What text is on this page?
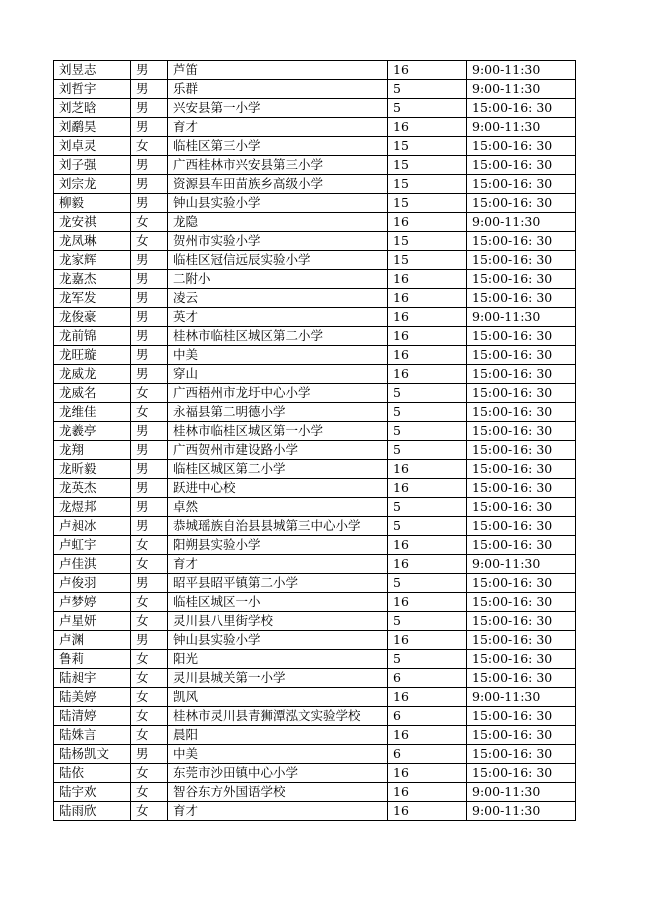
刘昱志	男	芦笛	16	9:00-11:30
刘哲宇	男	乐群	5	9:00-11:30
刘芝晗	男	兴安县第一小学	5	15:00-16: 30
刘鹬昊	男	育才	16	9:00-11:30
刘卓灵	女	临桂区第三小学	15	15:00-16: 30
刘子强	男	广西桂林市兴安县第三小学	15	15:00-16: 30
刘宗龙	男	资源县车田苗族乡高级小学	15	15:00-16: 30
柳毅	男	钟山县实验小学	15	15:00-16: 30
龙安祺	女	龙隐	16	9:00-11:30
龙凤琳	女	贺州市实验小学	15	15:00-16: 30
龙家辉	男	临桂区冠信远辰实验小学	15	15:00-16: 30
龙嘉杰	男	二附小	16	15:00-16: 30
龙军发	男	凌云	16	15:00-16: 30
龙俊豪	男	英才	16	9:00-11:30
龙前锦	男	桂林市临桂区城区第二小学	16	15:00-16: 30
龙旺璇	男	中美	16	15:00-16: 30
龙威龙	男	穿山	16	15:00-16: 30
龙威名	女	广西梧州市龙圩中心小学	5	15:00-16: 30
龙维佳	女	永福县第二明德小学	5	15:00-16: 30
龙羲亭	男	桂林市临桂区城区第一小学	5	15:00-16: 30
龙翔	男	广西贺州市建设路小学	5	15:00-16: 30
龙昕毅	男	临桂区城区第二小学	16	15:00-16: 30
龙英杰	男	跃进中心校	16	15:00-16: 30
龙煜邦	男	卓然	5	15:00-16: 30
卢昶冰	男	恭城瑶族自治县县城第三中心小学	5	15:00-16: 30
卢虹宇	女	阳朔县实验小学	16	15:00-16: 30
卢佳淇	女	育才	16	9:00-11:30
卢俊羽	男	昭平县昭平镇第二小学	5	15:00-16: 30
卢梦婷	女	临桂区城区一小	16	15:00-16: 30
卢星妍	女	灵川县八里街学校	5	15:00-16: 30
卢渊	男	钟山县实验小学	16	15:00-16: 30
鲁莉	女	阳光	5	15:00-16: 30
陆昶宇	女	灵川县城关第一小学	6	15:00-16: 30
陆美婷	女	凯风	16	9:00-11:30
陆清婷	女	桂林市灵川县青狮潭泓文实验学校	6	15:00-16: 30
陆姝言	女	晨阳	16	15:00-16: 30
陆杨凯文	男	中美	6	15:00-16: 30
陆依	女	东莞市沙田镇中心小学	16	15:00-16: 30
陆宇欢	女	智谷东方外国语学校	16	9:00-11:30
陆雨欣	女	育才	16	9:00-11:30
